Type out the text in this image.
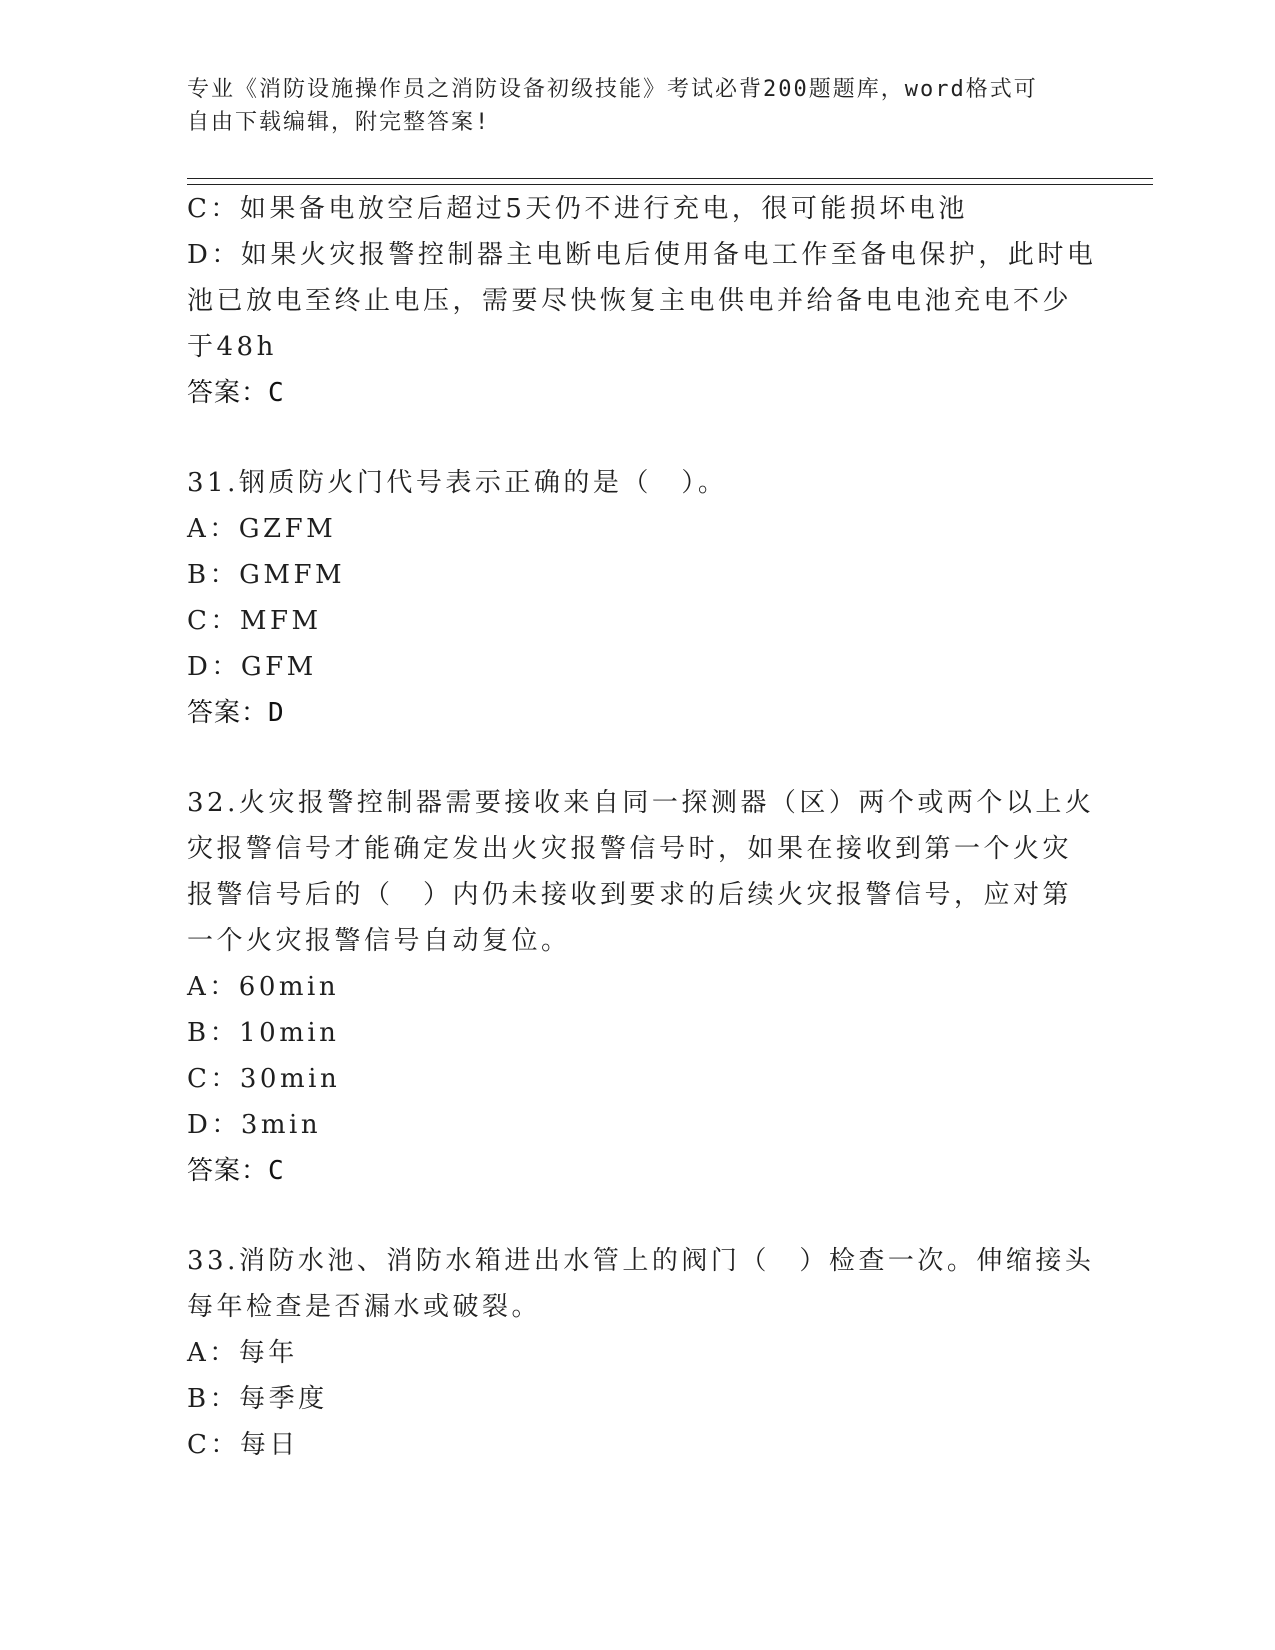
专业《消防设施操作员之消防设备初级技能》考试必背200题题库，word格式可
自由下载编辑，附完整答案!
C：如果备电放空后超过5天仍不进行充电，很可能损坏电池
D：如果火灾报警控制器主电断电后使用备电工作至备电保护，此时电
池已放电至终止电压，需要尽快恢复主电供电并给备电电池充电不少
于48h
答案：C
31.钢质防火门代号表示正确的是（　）。
A：GZFM
B：GMFM
C：MFM
D：GFM
答案：D
32.火灾报警控制器需要接收来自同一探测器（区）两个或两个以上火
灾报警信号才能确定发出火灾报警信号时，如果在接收到第一个火灾
报警信号后的（　）内仍未接收到要求的后续火灾报警信号，应对第
一个火灾报警信号自动复位。
A：60min
B：10min
C：30min
D：3min
答案：C
33.消防水池、消防水箱进出水管上的阀门（　）检查一次。伸缩接头
每年检查是否漏水或破裂。
A：每年
B：每季度
C：每日
